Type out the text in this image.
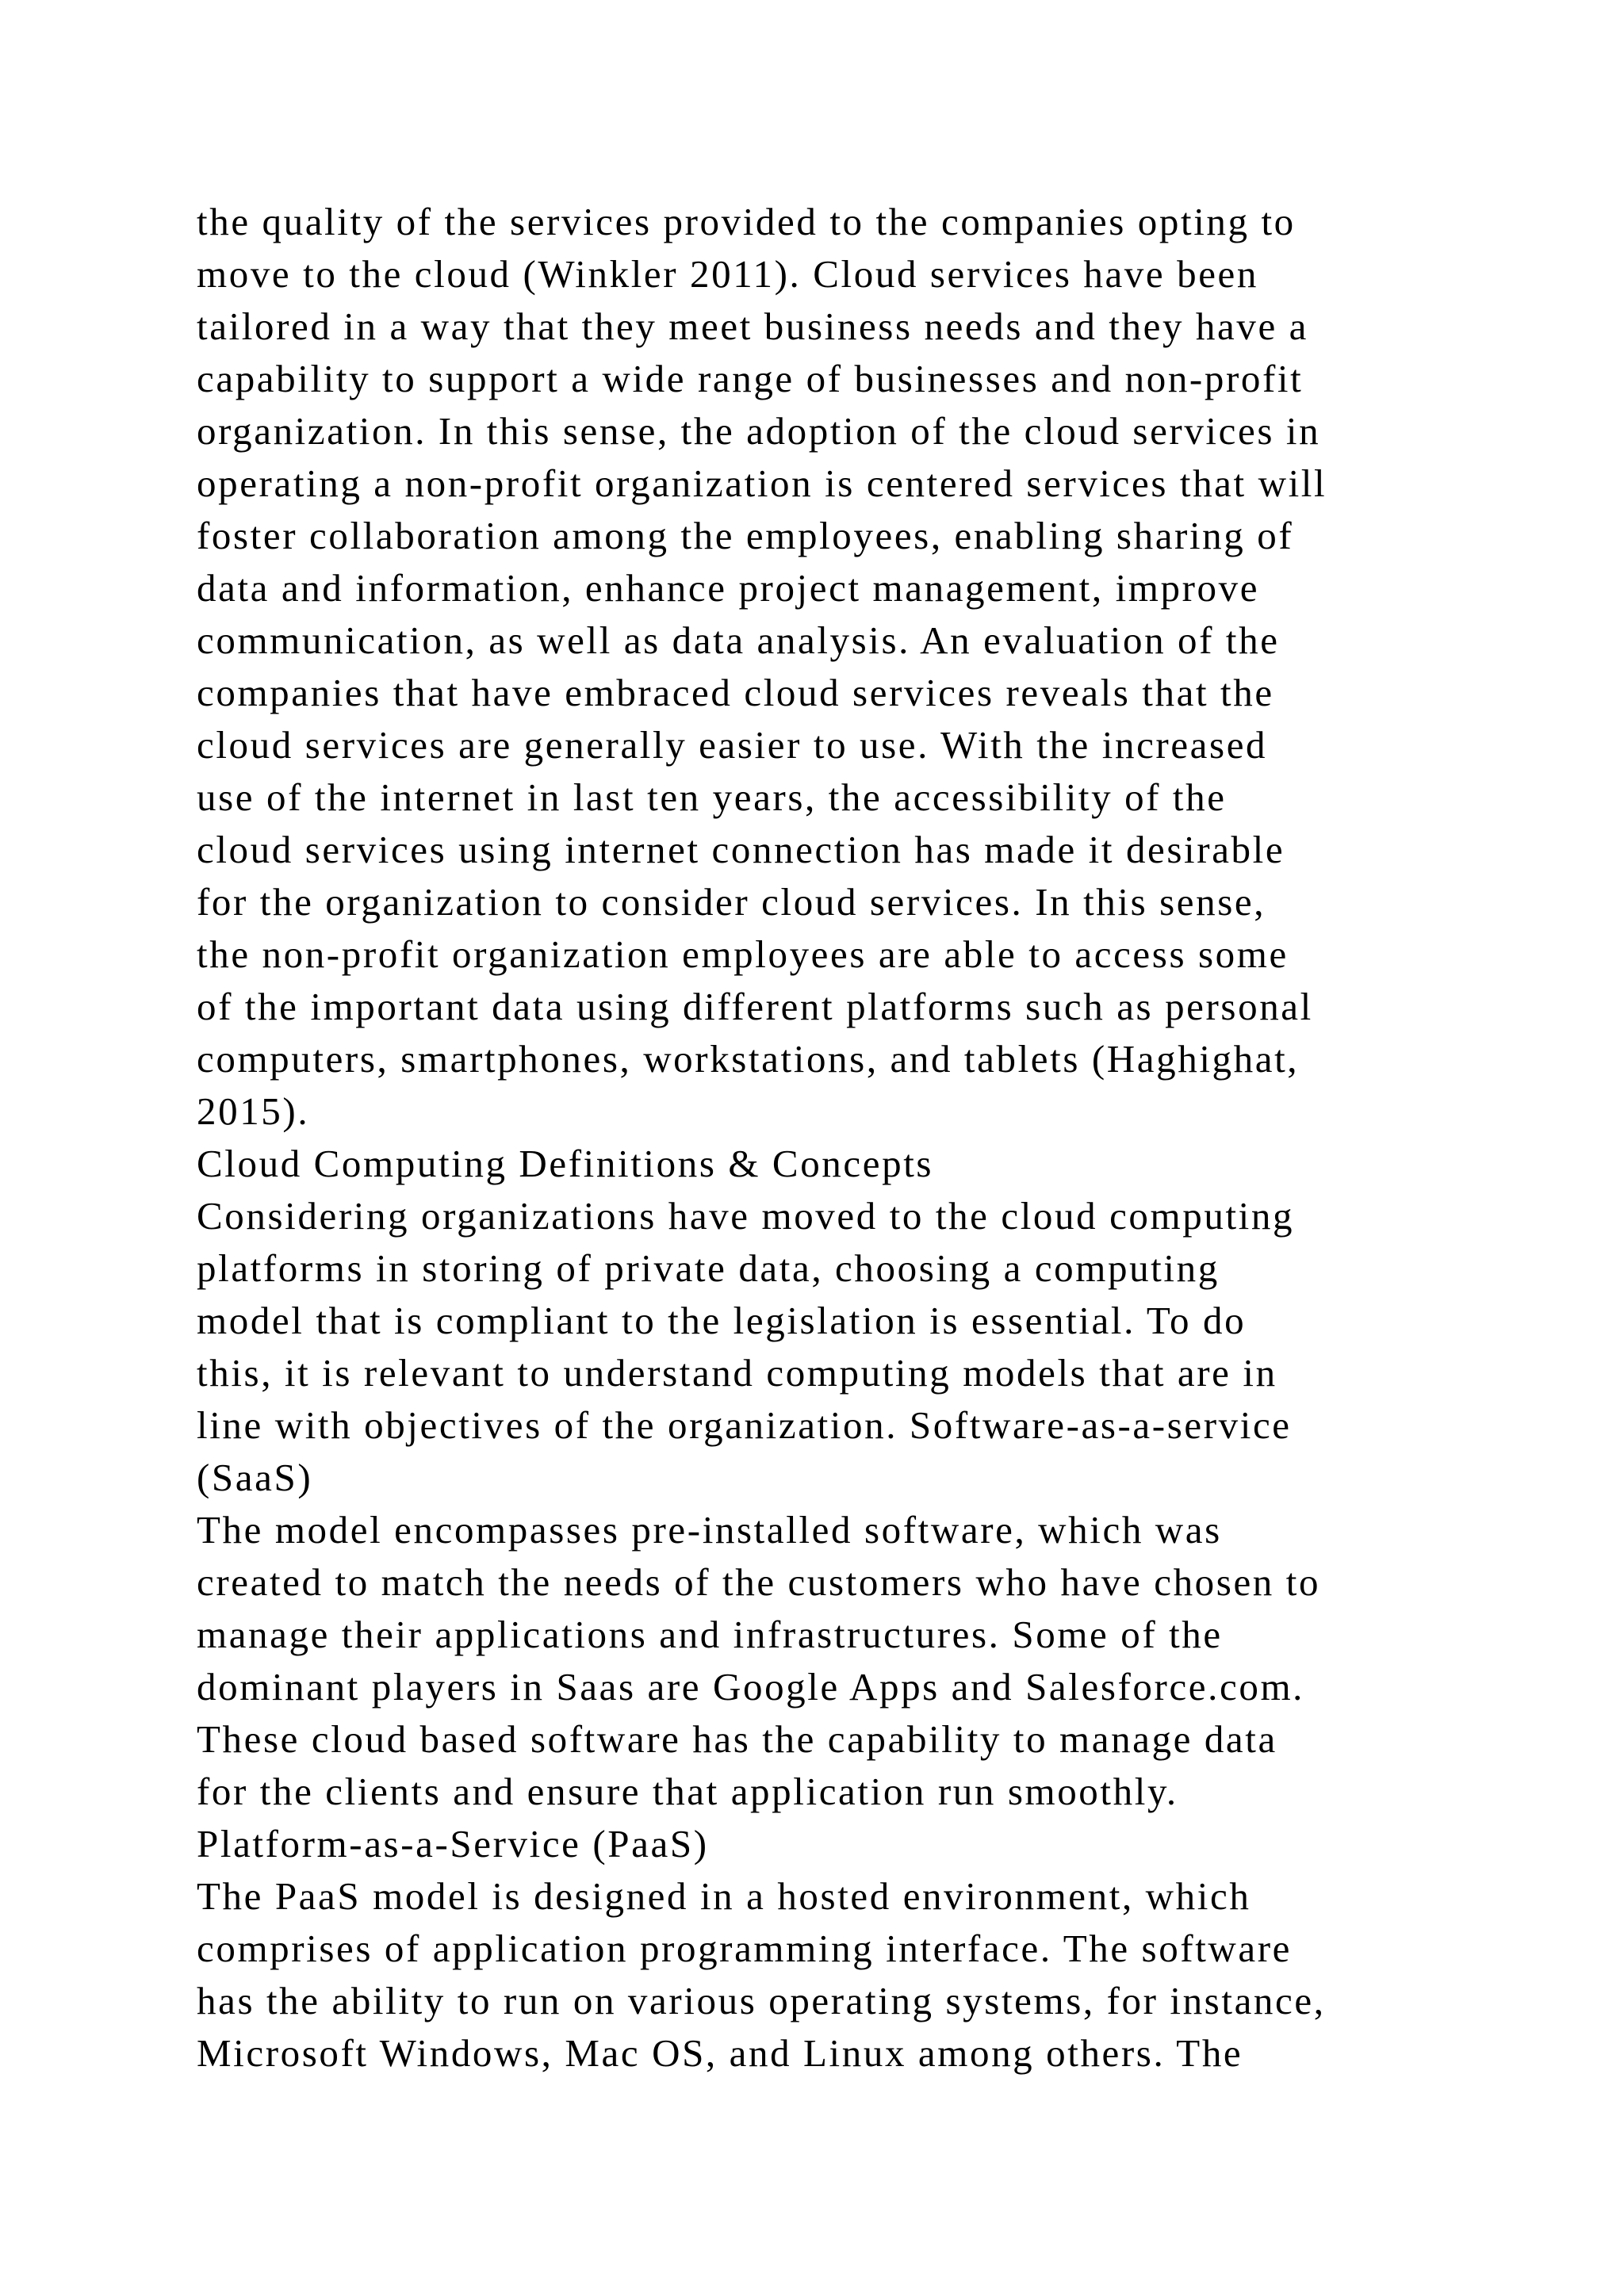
the quality of the services provided to the companies opting to
move to the cloud (Winkler 2011). Cloud services have been
tailored in a way that they meet business needs and they have a
capability to support a wide range of businesses and non-profit
organization. In this sense, the adoption of the cloud services in
operating a non-profit organization is centered services that will
foster collaboration among the employees, enabling sharing of
data and information, enhance project management, improve
communication, as well as data analysis. An evaluation of the
companies that have embraced cloud services reveals that the
cloud services are generally easier to use. With the increased
use of the internet in last ten years, the accessibility of the
cloud services using internet connection has made it desirable
for the organization to consider cloud services. In this sense,
the non-profit organization employees are able to access some
of the important data using different platforms such as personal
computers, smartphones, workstations, and tablets (Haghighat,
2015).
Cloud Computing Definitions & Concepts
Considering organizations have moved to the cloud computing
platforms in storing of private data, choosing a computing
model that is compliant to the legislation is essential. To do
this, it is relevant to understand computing models that are in
line with objectives of the organization. Software-as-a-service
(SaaS)
The model encompasses pre-installed software, which was
created to match the needs of the customers who have chosen to
manage their applications and infrastructures. Some of the
dominant players in Saas are Google Apps and Salesforce.com.
These cloud based software has the capability to manage data
for the clients and ensure that application run smoothly.
Platform-as-a-Service (PaaS)
The PaaS model is designed in a hosted environment, which
comprises of application programming interface. The software
has the ability to run on various operating systems, for instance,
Microsoft Windows, Mac OS, and Linux among others. The
